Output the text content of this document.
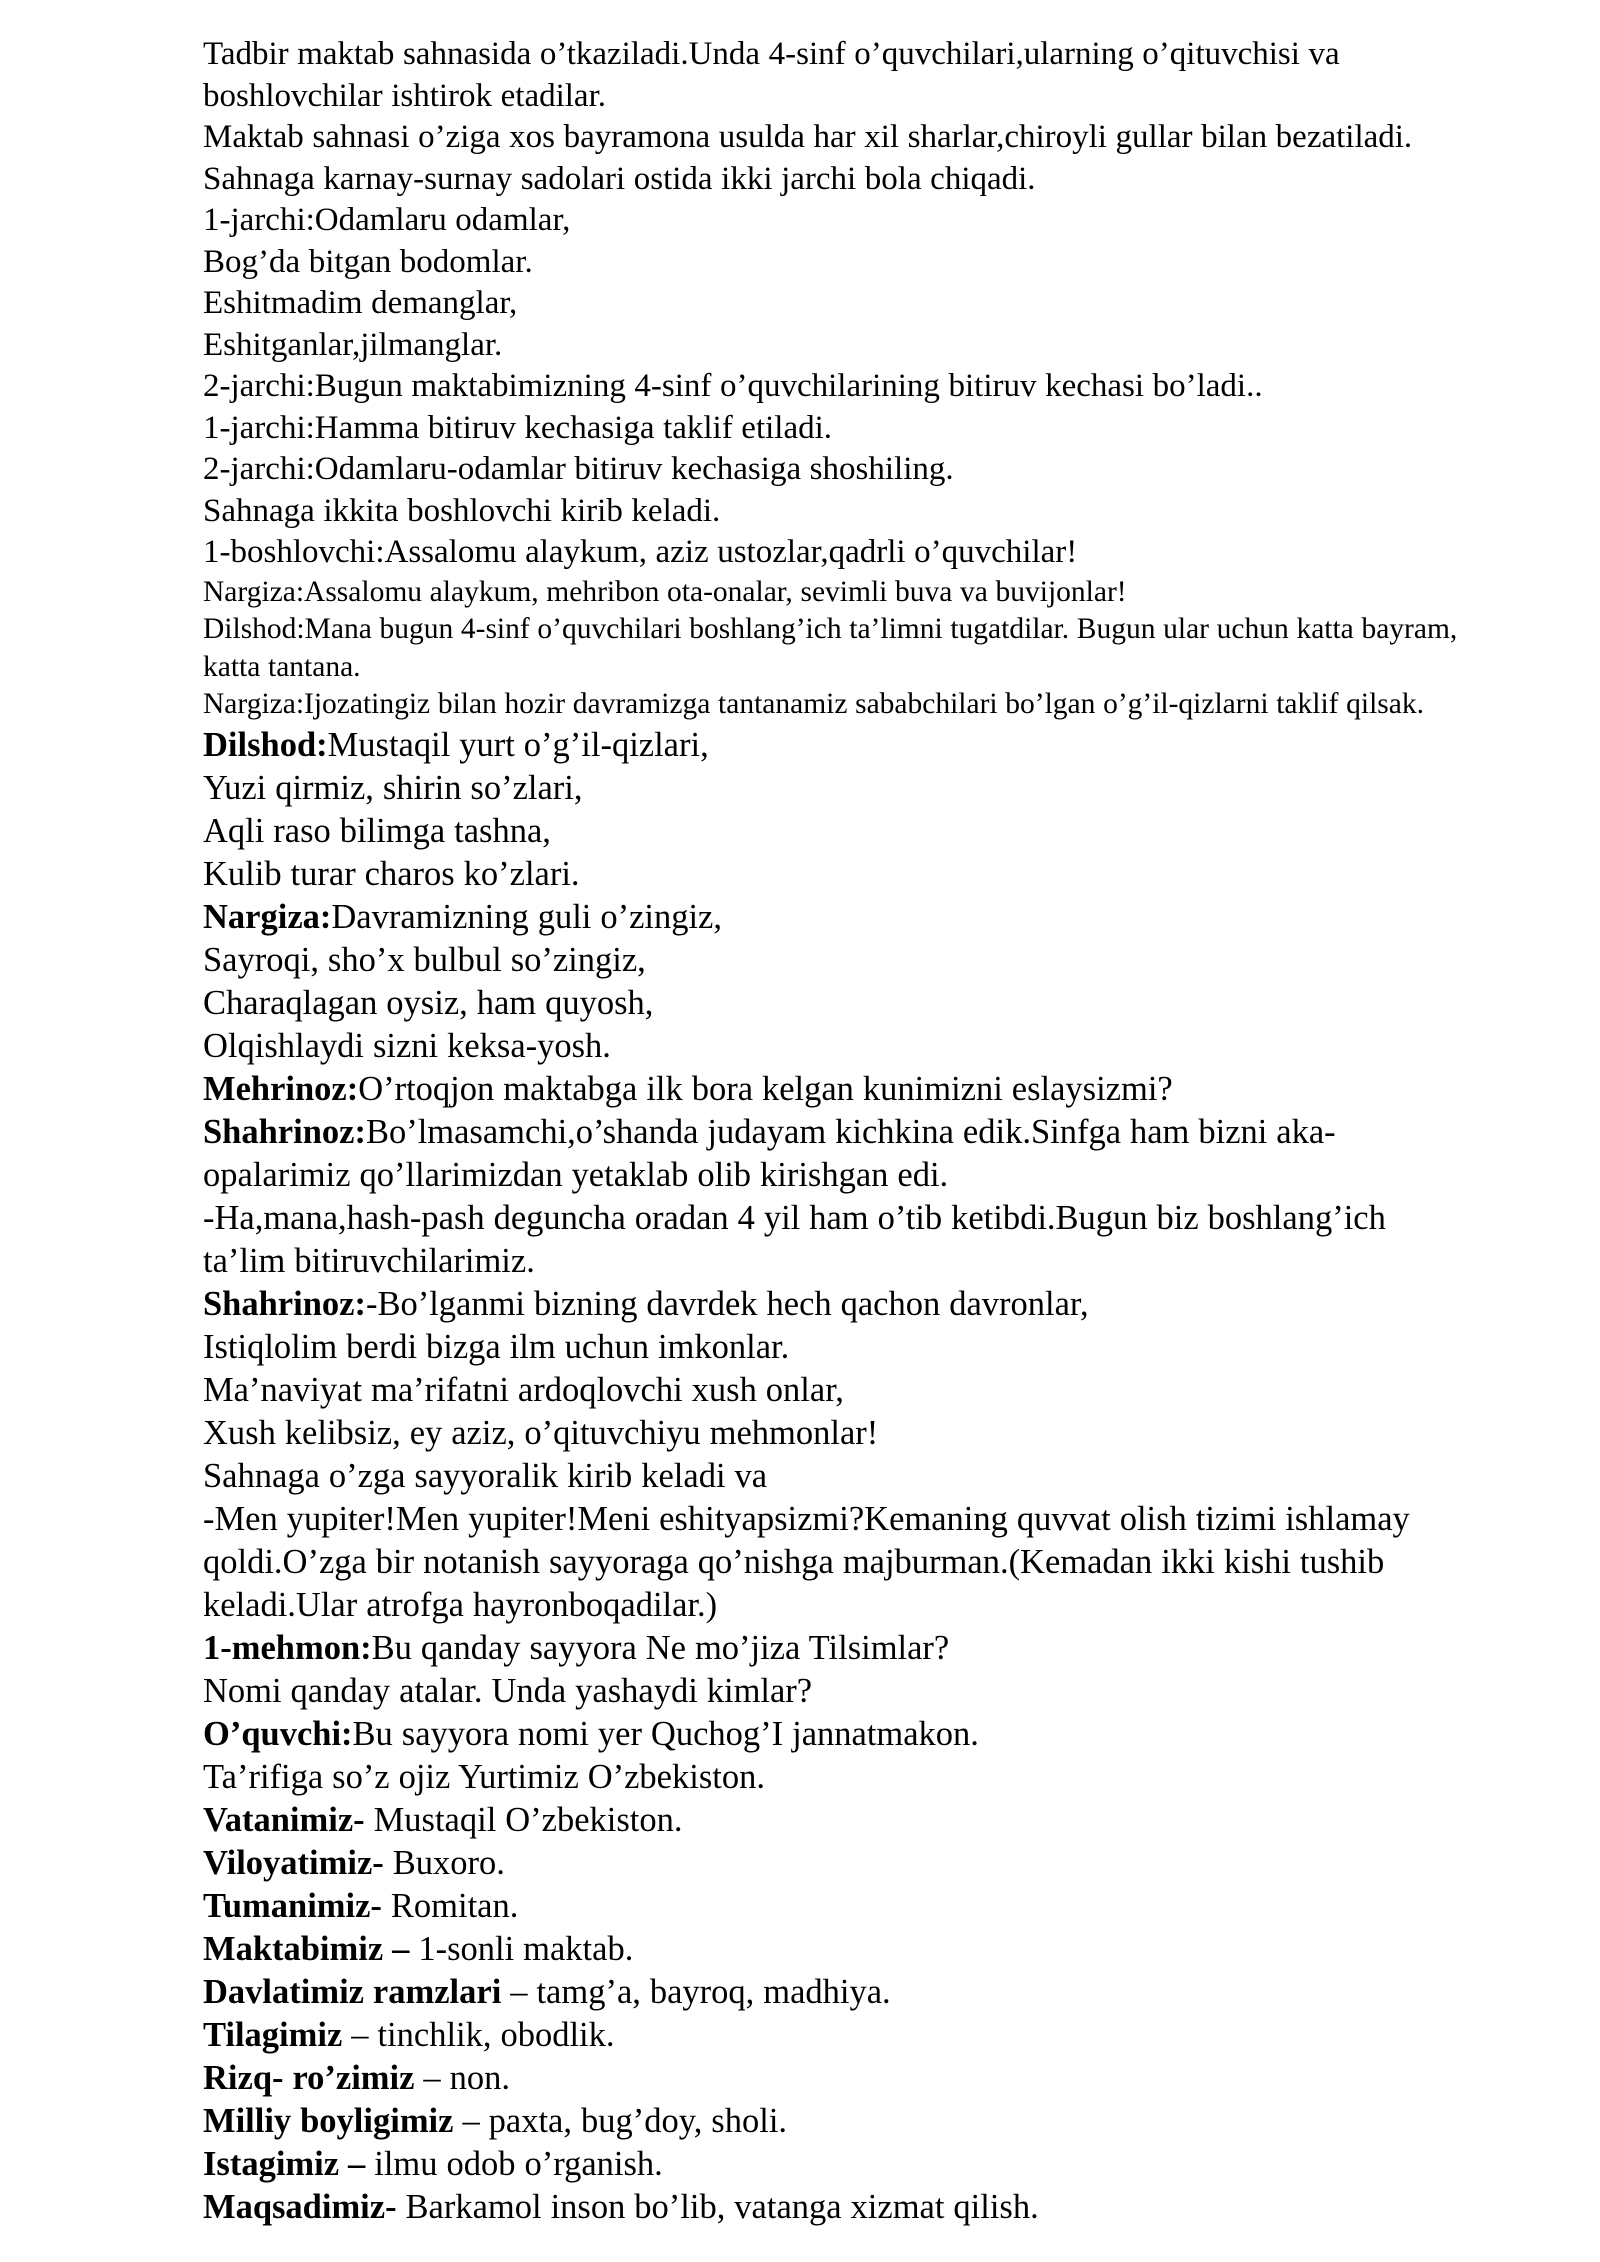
Tadbir maktab sahnasida o’tkaziladi.Unda 4-sinf o’quvchilari,ularning o’qituvchisi va boshlovchilar ishtirok etadilar.

Maktab sahnasi o’ziga xos bayramona usulda har xil sharlar,chiroyli gullar bilan bezatiladi.

Sahnaga karnay-surnay sadolari ostida ikki jarchi bola chiqadi.

1-jarchi:Odamlaru odamlar,

Bog’da bitgan bodomlar.

Eshitmadim demanglar,

Eshitganlar,jilmanglar.

2-jarchi:Bugun maktabimizning 4-sinf o’quvchilarining bitiruv kechasi bo’ladi..

1-jarchi:Hamma bitiruv kechasiga taklif etiladi.

2-jarchi:Odamlaru-odamlar bitiruv kechasiga shoshiling.

Sahnaga ikkita boshlovchi kirib keladi.

1-boshlovchi:Assalomu alaykum, aziz ustozlar,qadrli o’quvchilar!

Nargiza:Assalomu alaykum, mehribon ota-onalar, sevimli buva va buvijonlar!

Dilshod:Mana bugun 4-sinf o’quvchilari boshlang’ich ta’limni tugatdilar. Bugun ular uchun katta bayram, katta tantana.

Nargiza:Ijozatingiz bilan hozir davramizga tantanamiz sababchilari bo’lgan o’g’il-qizlarni taklif qilsak.

Dilshod:Mustaqil yurt o’g’il-qizlari,

Yuzi qirmiz, shirin so’zlari,

Aqli raso bilimga tashna,

Kulib turar charos ko’zlari.

Nargiza:Davramizning guli o’zingiz,

Sayroqi, sho’x bulbul so’zingiz,

Charaqlagan oysiz, ham quyosh,

Olqishlaydi sizni keksa-yosh.

Mehrinoz:O’rtoqjon maktabga ilk bora kelgan kunimizni eslaysizmi?

Shahrinoz:Bo’lmasamchi,o’shanda judayam kichkina edik.Sinfga ham bizni aka-opalarimiz qo’llarimizdan yetaklab olib kirishgan edi.

-Ha,mana,hash-pash deguncha oradan 4 yil ham o’tib ketibdi.Bugun biz boshlang’ich ta’lim bitiruvchilarimiz.

Shahrinoz:-Bo’lganmi bizning davrdek hech qachon davronlar,

Istiqlolim berdi bizga ilm uchun imkonlar.

Ma’naviyat ma’rifatni ardoqlovchi xush onlar,

Xush kelibsiz, ey aziz, o’qituvchiyu mehmonlar!

Sahnaga o’zga sayyoralik kirib keladi va

-Men yupiter!Men yupiter!Meni eshityapsizmi?Kemaning quvvat olish tizimi ishlamay qoldi.O’zga bir notanish sayyoraga qo’nishga majburman.(Kemadan ikki kishi tushib keladi.Ular atrofga hayronboqadilar.)

1-mehmon:Bu qanday sayyora Ne mo’jiza Tilsimlar?

Nomi qanday atalar. Unda yashaydi kimlar?

O’quvchi:Bu sayyora nomi yer Quchog’I jannatmakon.

Ta’rifiga so’z ojiz Yurtimiz O’zbekiston.

Vatanimiz- Mustaqil O’zbekiston.

Viloyatimiz- Buxoro.

Tumanimiz- Romitan.

Maktabimiz – 1-sonli maktab.

Davlatimiz ramzlari – tamg’a, bayroq, madhiya.

Tilagimiz – tinchlik, obodlik.

Rizq- ro’zimiz – non.

Milliy boyligimiz – paxta, bug’doy, sholi.

Istagimiz – ilmu odob o’rganish.

Maqsadimiz- Barkamol inson bo’lib, vatanga xizmat qilish.
